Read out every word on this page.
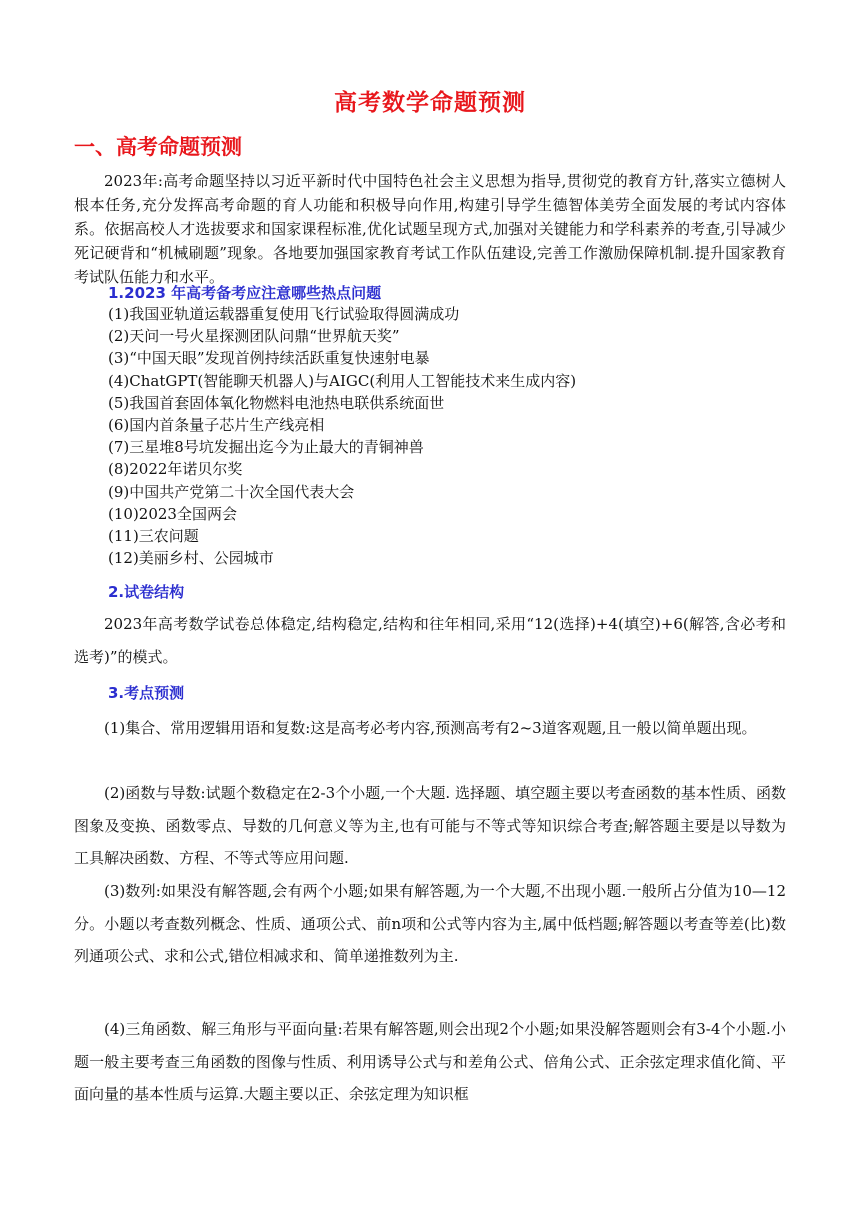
高考数学命题预测
一、高考命题预测

2023年:高考命题坚持以习近平新时代中国特色社会主义思想为指导,贯彻党的教育方针,落实立德树人根本任务,充分发挥高考命题的育人功能和积极导向作用,构建引导学生德智体美劳全面发展的考试内容体系。依据高校人才选拔要求和国家课程标准,优化试题呈现方式,加强对关键能力和学科素养的考查,引导减少死记硬背和“机械刷题”现象。各地要加强国家教育考试工作队伍建设,完善工作激励保障机制.提升国家教育考试队伍能力和水平。

1.2023 年高考备考应注意哪些热点问题
(1)我国亚轨道运载器重复使用飞行试验取得圆满成功
(2)天问一号火星探测团队问鼎“世界航天奖”
(3)“中国天眼”发现首例持续活跃重复快速射电暴
(4)ChatGPT(智能聊天机器人)与AIGC(利用人工智能技术来生成内容)
(5)我国首套固体氧化物燃料电池热电联供系统面世
(6)国内首条量子芯片生产线亮相
(7)三星堆8号坑发掘出迄今为止最大的青铜神兽
(8)2022年诺贝尔奖
(9)中国共产党第二十次全国代表大会
(10)2023全国两会
(11)三农问题
(12)美丽乡村、公园城市
2.试卷结构

2023年高考数学试卷总体稳定,结构稳定,结构和往年相同,采用“12(选择)+4(填空)+6(解答,含必考和选考)”的模式。

3.考点预测

(1)集合、常用逻辑用语和复数:这是高考必考内容,预测高考有2~3道客观题,且一般以简单题出现。

(2)函数与导数:试题个数稳定在2-3个小题,一个大题. 选择题、填空题主要以考查函数的基本性质、函数图象及变换、函数零点、导数的几何意义等为主,也有可能与不等式等知识综合考查;解答题主要是以导数为工具解决函数、方程、不等式等应用问题.

(3)数列:如果没有解答题,会有两个小题;如果有解答题,为一个大题,不出现小题.一般所占分值为10—12分。小题以考查数列概念、性质、通项公式、前n项和公式等内容为主,属中低档题;解答题以考查等差(比)数列通项公式、求和公式,错位相减求和、简单递推数列为主.

(4)三角函数、解三角形与平面向量:若果有解答题,则会出现2个小题;如果没解答题则会有3-4个小题.小题一般主要考查三角函数的图像与性质、利用诱导公式与和差角公式、倍角公式、正余弦定理求值化简、平面向量的基本性质与运算.大题主要以正、余弦定理为知识框
